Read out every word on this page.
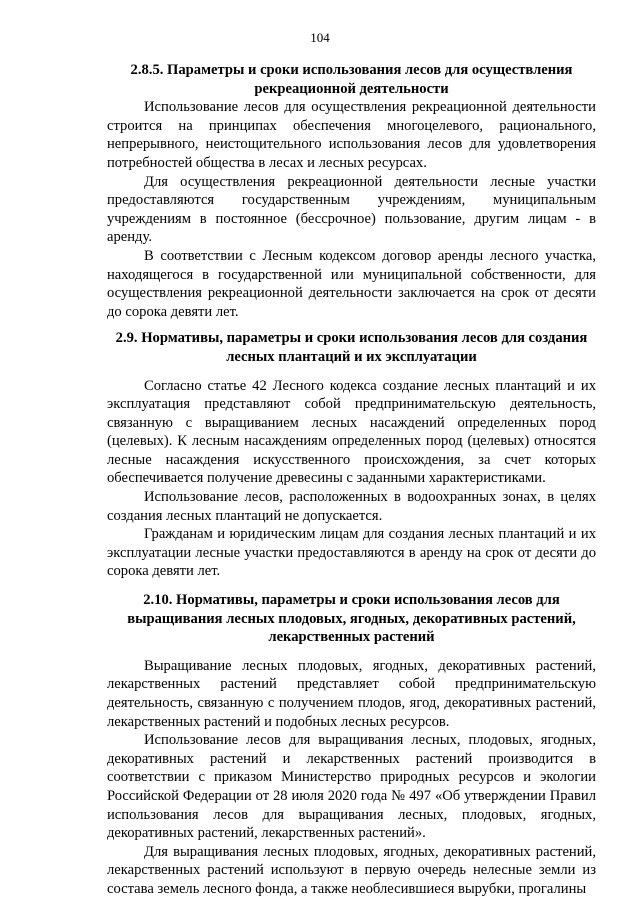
104

2.8.5. Параметры и сроки использования лесов для осуществления рекреационной деятельности

Использование лесов для осуществления рекреационной деятельности строится на принципах обеспечения многоцелевого, рационального, непрерывного, неистощительного использования лесов для удовлетворения потребностей общества в лесах и лесных ресурсах.

Для осуществления рекреационной деятельности лесные участки предоставляются государственным учреждениям, муниципальным учреждениям в постоянное (бессрочное) пользование, другим лицам - в аренду.

В соответствии с Лесным кодексом договор аренды лесного участка, находящегося в государственной или муниципальной собственности, для осуществления рекреационной деятельности заключается на срок от десяти до сорока девяти лет.

2.9. Нормативы, параметры и сроки использования лесов для создания лесных плантаций и их эксплуатации

Согласно статье 42 Лесного кодекса создание лесных плантаций и их эксплуатация представляют собой предпринимательскую деятельность, связанную с выращиванием лесных насаждений определенных пород (целевых). К лесным насаждениям определенных пород (целевых) относятся лесные насаждения искусственного происхождения, за счет которых обеспечивается получение древесины с заданными характеристиками.

Использование лесов, расположенных в водоохранных зонах, в целях создания лесных плантаций не допускается.

Гражданам и юридическим лицам для создания лесных плантаций и их эксплуатации лесные участки предоставляются в аренду на срок от десяти до сорока девяти лет.

2.10. Нормативы, параметры и сроки использования лесов для выращивания лесных плодовых, ягодных, декоративных растений, лекарственных растений

Выращивание лесных плодовых, ягодных, декоративных растений, лекарственных растений представляет собой предпринимательскую деятельность, связанную с получением плодов, ягод, декоративных растений, лекарственных растений и подобных лесных ресурсов.

Использование лесов для выращивания лесных, плодовых, ягодных, декоративных растений и лекарственных растений производится в соответствии с приказом Министерство природных ресурсов и экологии Российской Федерации от 28 июля 2020 года № 497 «Об утверждении Правил использования лесов для выращивания лесных, плодовых, ягодных, декоративных растений, лекарственных растений».

Для выращивания лесных плодовых, ягодных, декоративных растений, лекарственных растений используют в первую очередь нелесные земли из состава земель лесного фонда, а также необлесившиеся вырубки, прогалины
